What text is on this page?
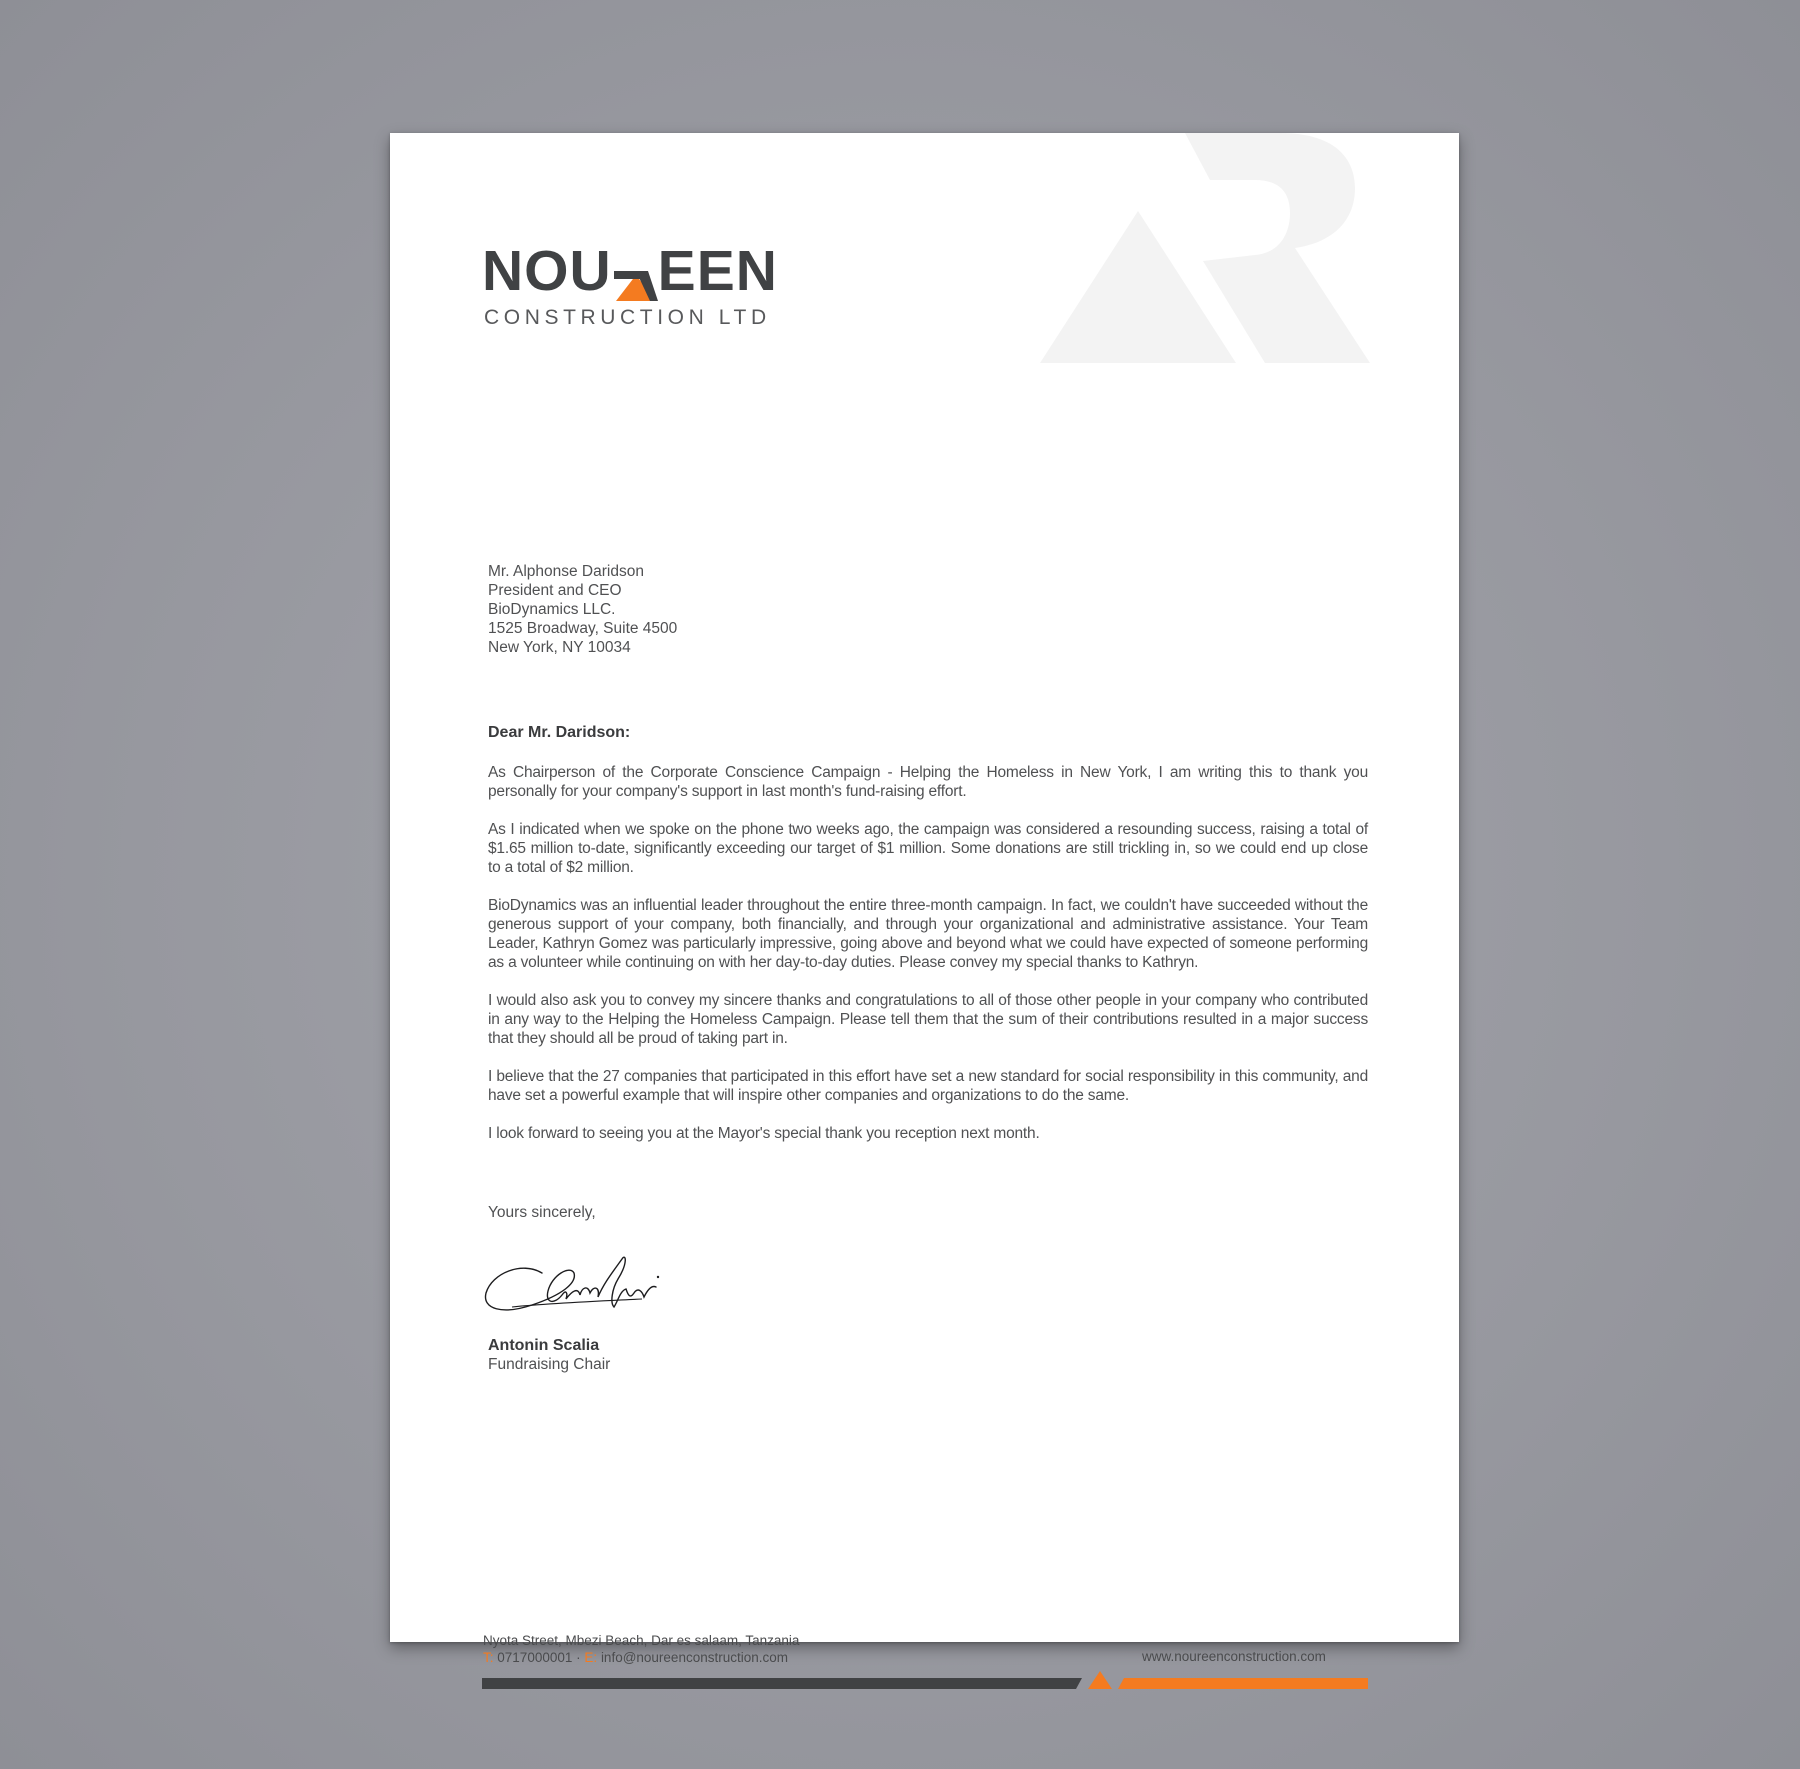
NOU EEN
CONSTRUCTION LTD
Mr. Alphonse Daridson
President and CEO
BioDynamics LLC.
1525 Broadway, Suite 4500
New York, NY 10034
Dear Mr. Daridson:

As Chairperson of the Corporate Conscience Campaign - Helping the Homeless in New York, I am writing this to thank you personally for your company's support in last month's fund-raising effort.

As I indicated when we spoke on the phone two weeks ago, the campaign was considered a resounding success, raising a total of $1.65 million to-date, significantly exceeding our target of $1 million. Some donations are still trickling in, so we could end up close to a total of $2 million.

BioDynamics was an influential leader throughout the entire three-month campaign. In fact, we couldn't have succeeded without the generous support of your company, both financially, and through your organizational and administrative assistance. Your Team Leader, Kathryn Gomez was particularly impressive, going above and beyond what we could have expected of someone performing as a volunteer while continuing on with her day-to-day duties. Please convey my special thanks to Kathryn.

I would also ask you to convey my sincere thanks and congratulations to all of those other people in your company who contributed in any way to the Helping the Homeless Campaign. Please tell them that the sum of their contributions resulted in a major success that they should all be proud of taking part in.

I believe that the 27 companies that participated in this effort have set a new standard for social responsibility in this community, and have set a powerful example that will inspire other companies and organizations to do the same.

I look forward to seeing you at the Mayor's special thank you reception next month.

Yours sincerely,
Antonin Scalia
Fundraising Chair
Nyota Street, Mbezi Beach, Dar es salaam, Tanzania
T: 0717000001 · E: info@noureenconstruction.com	www.noureenconstruction.com
